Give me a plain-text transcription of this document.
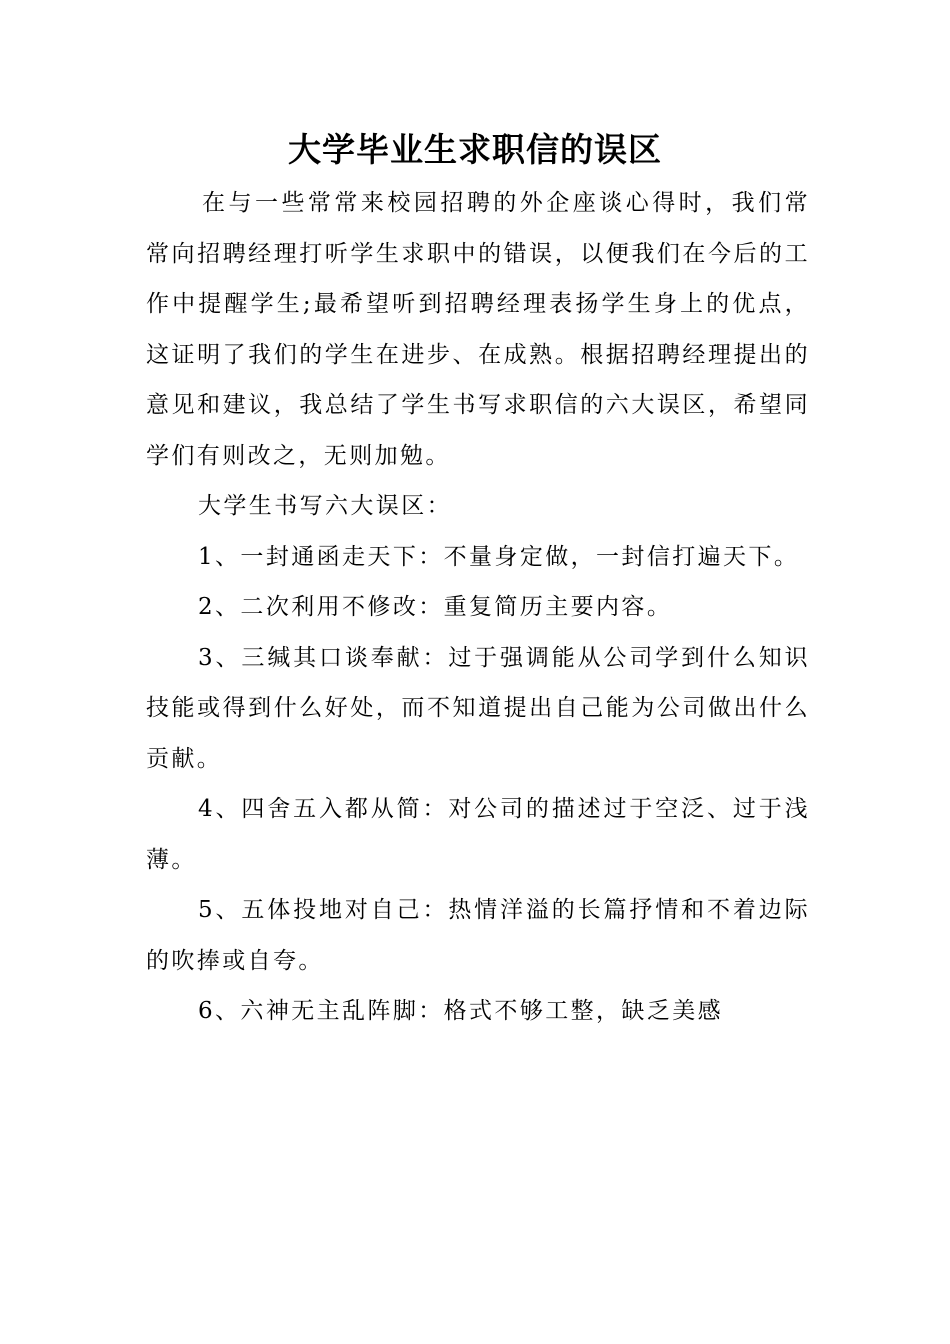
大学毕业生求职信的误区

在与一些常常来校园招聘的外企座谈心得时，我们常常向招聘经理打听学生求职中的错误，以便我们在今后的工作中提醒学生;最希望听到招聘经理表扬学生身上的优点，这证明了我们的学生在进步、在成熟。根据招聘经理提出的意见和建议，我总结了学生书写求职信的六大误区，希望同学们有则改之，无则加勉。

大学生书写六大误区：

1、一封通函走天下：不量身定做，一封信打遍天下。

2、二次利用不修改：重复简历主要内容。

3、三缄其口谈奉献：过于强调能从公司学到什么知识技能或得到什么好处，而不知道提出自己能为公司做出什么贡献。

4、四舍五入都从简：对公司的描述过于空泛、过于浅薄。

5、五体投地对自己：热情洋溢的长篇抒情和不着边际的吹捧或自夸。

6、六神无主乱阵脚：格式不够工整，缺乏美感
